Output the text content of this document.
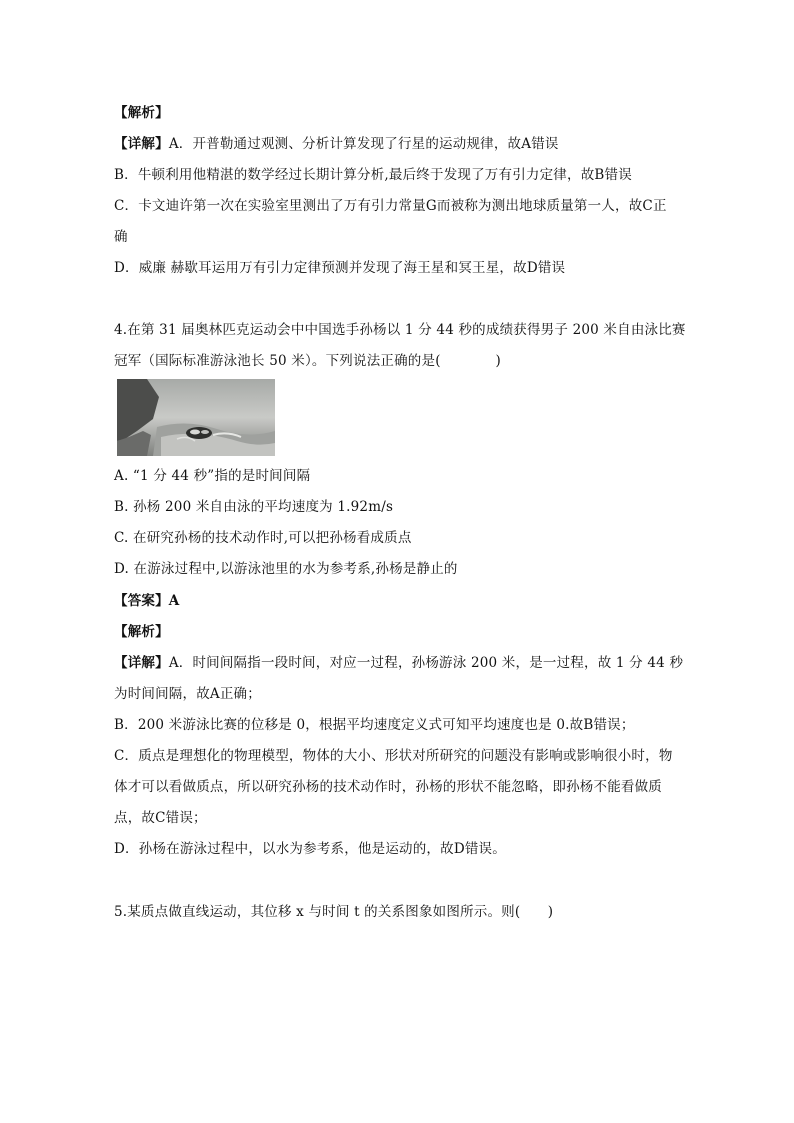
【解析】
【详解】A．开普勒通过观测、分析计算发现了行星的运动规律，故A错误
B．牛顿利用他精湛的数学经过长期计算分析,最后终于发现了万有引力定律，故B错误
C．卡文迪许第一次在实验室里测出了万有引力常量G而被称为测出地球质量第一人，故C正
确
D．威廉 赫歇耳运用万有引力定律预测并发现了海王星和冥王星，故D错误
4.在第 31 届奥林匹克运动会中中国选手孙杨以 1 分 44 秒的成绩获得男子 200 米自由泳比赛
冠军（国际标准游泳池长 50 米）。下列说法正确的是(　　　　)
A. “1 分 44 秒”指的是时间间隔
B. 孙杨 200 米自由泳的平均速度为 1.92m/s
C. 在研究孙杨的技术动作时,可以把孙杨看成质点
D. 在游泳过程中,以游泳池里的水为参考系,孙杨是静止的
【答案】A
【解析】
【详解】A．时间间隔指一段时间，对应一过程，孙杨游泳 200 米，是一过程，故 1 分 44 秒
为时间间隔，故A正确；
B．200 米游泳比赛的位移是 0，根据平均速度定义式可知平均速度也是 0.故B错误；
C．质点是理想化的物理模型，物体的大小、形状对所研究的问题没有影响或影响很小时，物
体才可以看做质点，所以研究孙杨的技术动作时，孙杨的形状不能忽略，即孙杨不能看做质
点，故C错误；
D．孙杨在游泳过程中，以水为参考系，他是运动的，故D错误。
5.某质点做直线运动，其位移 x 与时间 t 的关系图象如图所示。则(　　)
